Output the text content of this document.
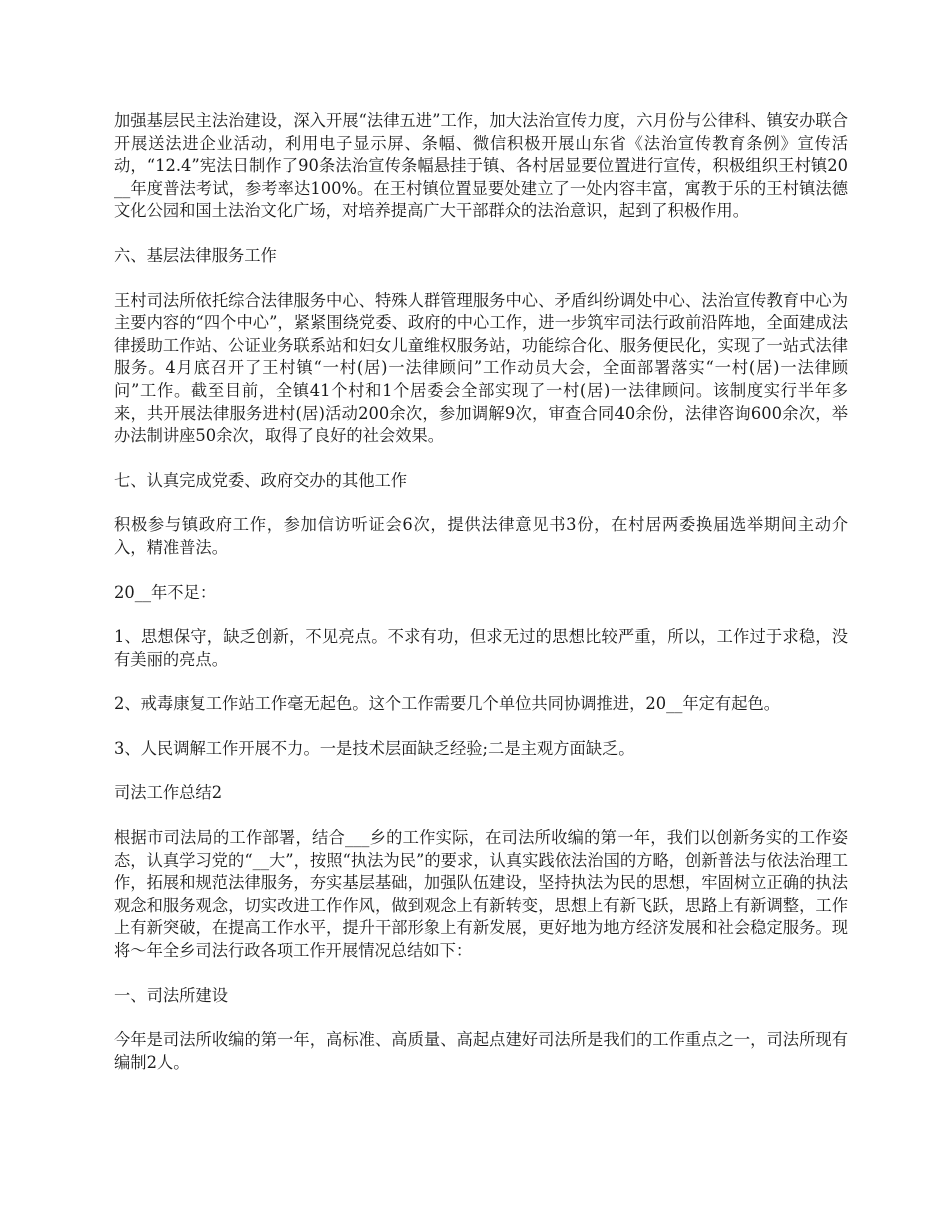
加强基层民主法治建设，深入开展“法律五进”工作，加大法治宣传力度，六月份与公律科、镇安办联合开展送法进企业活动，利用电子显示屏、条幅、微信积极开展山东省《法治宣传教育条例》宣传活动，“12.4”宪法日制作了90条法治宣传条幅悬挂于镇、各村居显要位置进行宣传，积极组织王村镇20__年度普法考试，参考率达100%。在王村镇位置显要处建立了一处内容丰富，寓教于乐的王村镇法德文化公园和国土法治文化广场，对培养提高广大干部群众的法治意识，起到了积极作用。

六、基层法律服务工作

王村司法所依托综合法律服务中心、特殊人群管理服务中心、矛盾纠纷调处中心、法治宣传教育中心为主要内容的“四个中心”，紧紧围绕党委、政府的中心工作，进一步筑牢司法行政前沿阵地，全面建成法律援助工作站、公证业务联系站和妇女儿童维权服务站，功能综合化、服务便民化，实现了一站式法律服务。4月底召开了王村镇“一村(居)一法律顾问”工作动员大会，全面部署落实“一村(居)一法律顾问”工作。截至目前，全镇41个村和1个居委会全部实现了一村(居)一法律顾问。该制度实行半年多来，共开展法律服务进村(居)活动200余次，参加调解9次，审查合同40余份，法律咨询600余次，举办法制讲座50余次，取得了良好的社会效果。

七、认真完成党委、政府交办的其他工作

积极参与镇政府工作，参加信访听证会6次，提供法律意见书3份，在村居两委换届选举期间主动介入，精准普法。

20__年不足：

1、思想保守，缺乏创新，不见亮点。不求有功，但求无过的思想比较严重，所以，工作过于求稳，没有美丽的亮点。

2、戒毒康复工作站工作毫无起色。这个工作需要几个单位共同协调推进，20__年定有起色。

3、人民调解工作开展不力。一是技术层面缺乏经验;二是主观方面缺乏。

司法工作总结2

根据市司法局的工作部署，结合___乡的工作实际，在司法所收编的第一年，我们以创新务实的工作姿态，认真学习党的“__大”，按照“执法为民”的要求，认真实践依法治国的方略，创新普法与依法治理工作，拓展和规范法律服务，夯实基层基础，加强队伍建设，坚持执法为民的思想，牢固树立正确的执法观念和服务观念，切实改进工作作风，做到观念上有新转变，思想上有新飞跃，思路上有新调整，工作上有新突破，在提高工作水平，提升干部形象上有新发展，更好地为地方经济发展和社会稳定服务。现将～年全乡司法行政各项工作开展情况总结如下：

一、司法所建设

今年是司法所收编的第一年，高标准、高质量、高起点建好司法所是我们的工作重点之一，司法所现有编制2人。
